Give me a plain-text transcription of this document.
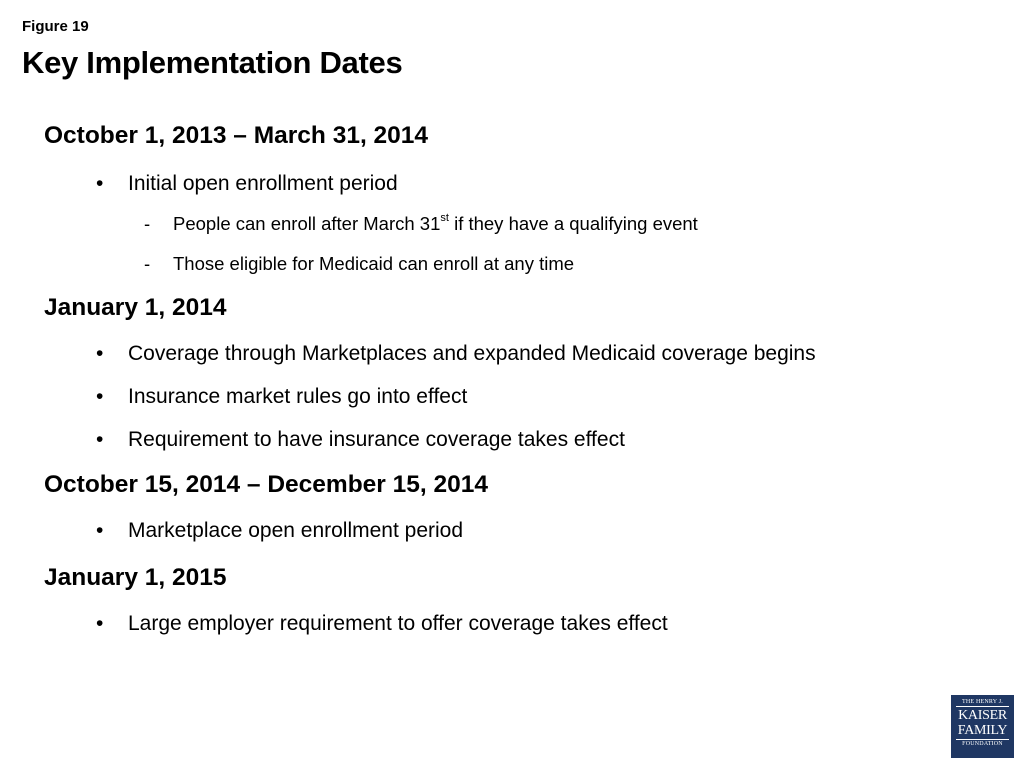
Figure 19
Key Implementation Dates
October 1, 2013 – March 31, 2014
• Initial open enrollment period
- People can enroll after March 31st if they have a qualifying event
- Those eligible for Medicaid can enroll at any time
January 1, 2014
• Coverage through Marketplaces and expanded Medicaid coverage begins
• Insurance market rules go into effect
• Requirement to have insurance coverage takes effect
October 15, 2014 – December 15, 2014
• Marketplace open enrollment period
January 1, 2015
• Large employer requirement to offer coverage takes effect
THE HENRY J.
KAISER
FAMILY
FOUNDATION
